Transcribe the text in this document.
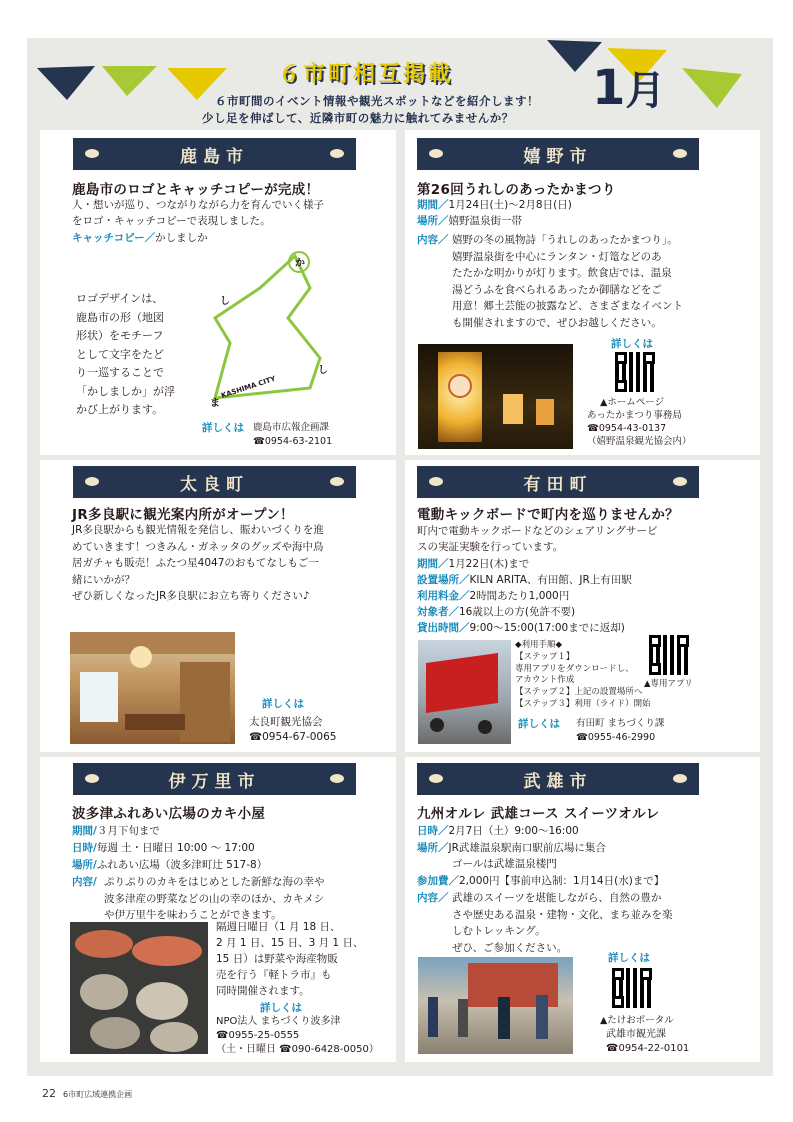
６市町相互掲載
６市町間のイベント情報や観光スポットなどを紹介します！
少し足を伸ばして、近隣市町の魅力に触れてみませんか？
1月
鹿島市
鹿島市のロゴとキャッチコピーが完成！
人・想いが巡り、つながりながら力を育んでいく様子
をロゴ・キャッチコピーで表現しました。
キャッチコピー／かしましか
ロゴデザインは、
鹿島市の形（地図
形状）をモチーフ
として文字をたど
り一巡することで
「かしましか」が浮
かび上がります。
か
し
し
ま
KASHIMA CITY
詳しくは 鹿島市広報企画課
☎0954-63-2101
嬉野市
第26回うれしのあったかまつり
期間／1月24日(土)～2月8日(日)
場所／嬉野温泉街一帯
内容／ 嬉野の冬の風物詩「うれしのあったかまつり」。
嬉野温泉街を中心にランタン・灯篭などのあ
たたかな明かりが灯ります。飲食店では、温泉
湯どうふを食べられるあったか御膳などをご
用意！郷土芸能の披露など、さまざまなイベント
も開催されますので、ぜひお越しください。
詳しくは
▲ホームページ
あったかまつり事務局
☎0954-43-0137
（嬉野温泉観光協会内）
太良町
JR多良駅に観光案内所がオープン！
JR多良駅からも観光情報を発信し、賑わいづくりを進
めていきます！つきみん・ガネッタのグッズや海中鳥
居ガチャも販売！ふたつ星4047のおもてなしもご一
緒にいかが？
ぜひ新しくなったJR多良駅にお立ち寄りください♪
詳しくは
太良町観光協会
☎0954-67-0065
有田町
電動キックボードで町内を巡りませんか？
町内で電動キックボードなどのシェアリングサービ
スの実証実験を行っています。
期間／1月22日(木)まで
設置場所／KILN ARITA、有田館、JR上有田駅
利用料金／2時間あたり1,000円
対象者／16歳以上の方(免許不要)
貸出時間／9:00～15:00(17:00までに返却)
◆利用手順◆
【ステップ１】
専用アプリをダウンロードし、
アカウント作成
【ステップ２】上記の設置場所へ
【ステップ３】利用（ライド）開始
▲専用アプリ
詳しくは 有田町 まちづくり課
☎0955-46-2990
伊万里市
波多津ふれあい広場のカキ小屋
期間/３月下旬まで
日時/毎週 土・日曜日 10:00 ～ 17:00
場所/ふれあい広場（波多津町辻 517-8）
内容/ ぷりぷりのカキをはじめとした新鮮な海の幸や
波多津産の野菜などの山の幸のほか、カキメシ
や伊万里牛を味わうことができます。
隔週日曜日（1 月 18 日、
2 月 1 日、15 日、3 月 1 日、
15 日）は野菜や海産物販
売を行う『軽トラ市』も
同時開催されます。
詳しくは
NPO法人 まちづくり波多津
☎0955-25-0555
（土・日曜日 ☎090-6428-0050）
武雄市
九州オルレ 武雄コース スイーツオルレ
日時／2月7日（土）9:00～16:00
場所／JR武雄温泉駅南口駅前広場に集合
ゴールは武雄温泉楼門
参加費／2,000円【事前申込制：1月14日(水)まで】
内容／ 武雄のスイーツを堪能しながら、自然の豊か
さや歴史ある温泉・建物・文化、まち並みを楽
しむトレッキング。
ぜひ、ご参加ください。
詳しくは
▲たけおポータル
武雄市観光課
☎0954-22-0101
22 6市町広域連携企画
